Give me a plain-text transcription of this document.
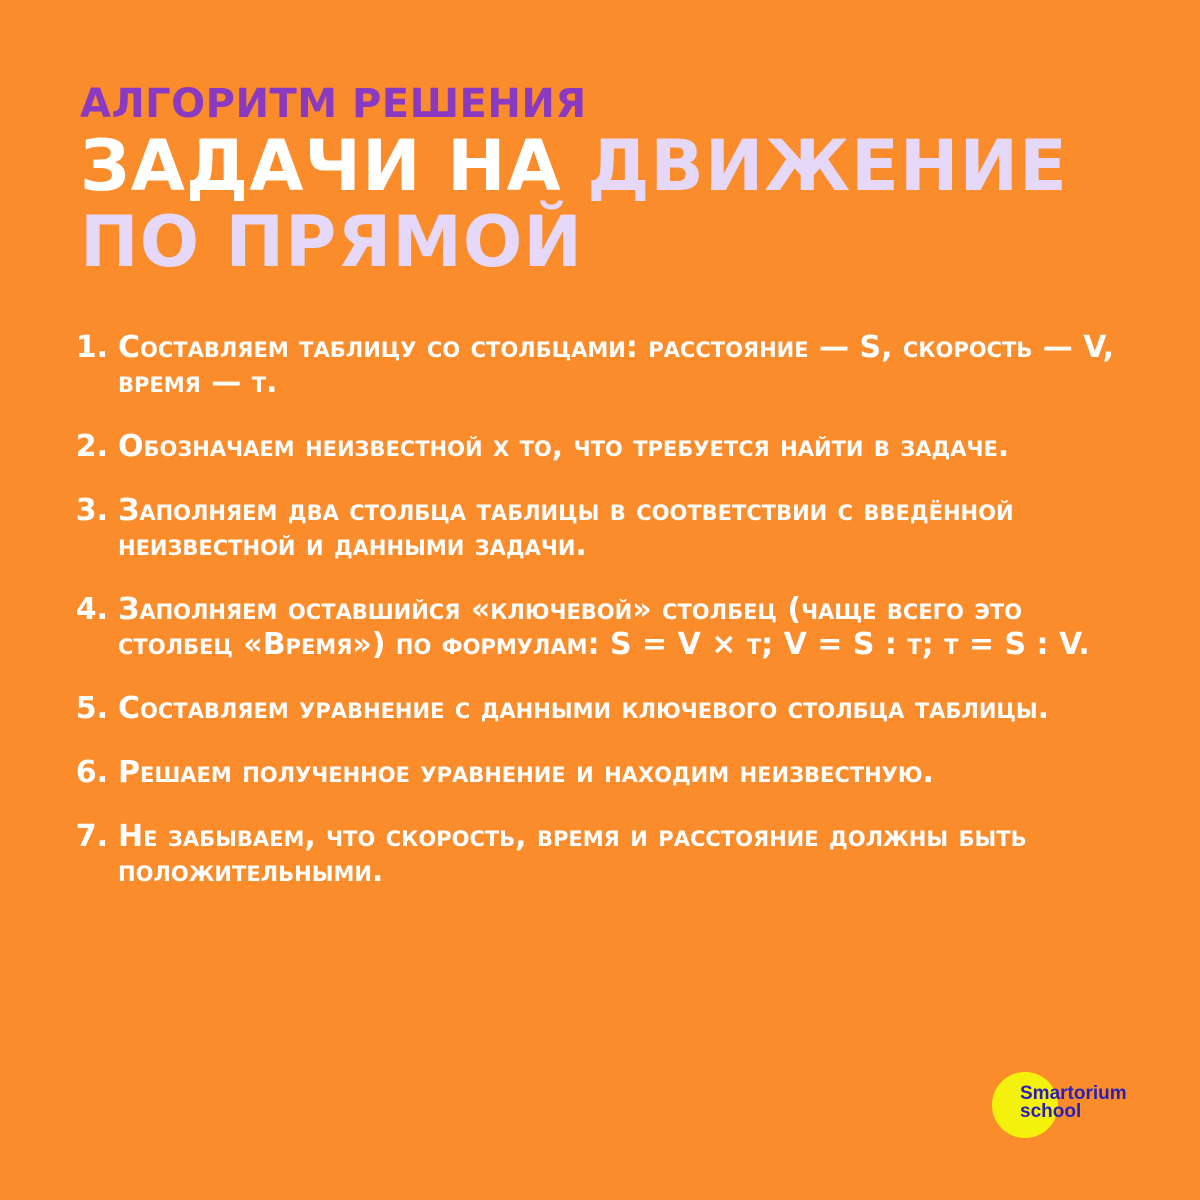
АЛГОРИТМ РЕШЕНИЯ
ЗАДАЧИ НА ДВИЖЕНИЕ
ПО ПРЯМОЙ
1. Составляем таблицу со столбцами: расстояние — S, скорость — V, время — t.
2. Обозначаем неизвестной x то, что требуется найти в задаче.
3. Заполняем два столбца таблицы в соответствии с введённой неизвестной и данными задачи.
4. Заполняем оставшийся «ключевой» столбец (чаще всего это столбец «Время») по формулам: S = V × t; V = S : t; t = S : V.
5. Составляем уравнение с данными ключевого столбца таблицы.
6. Решаем полученное уравнение и находим неизвестную.
7. Не забываем, что скорость, время и расстояние должны быть положительными.
Smartorium
school
